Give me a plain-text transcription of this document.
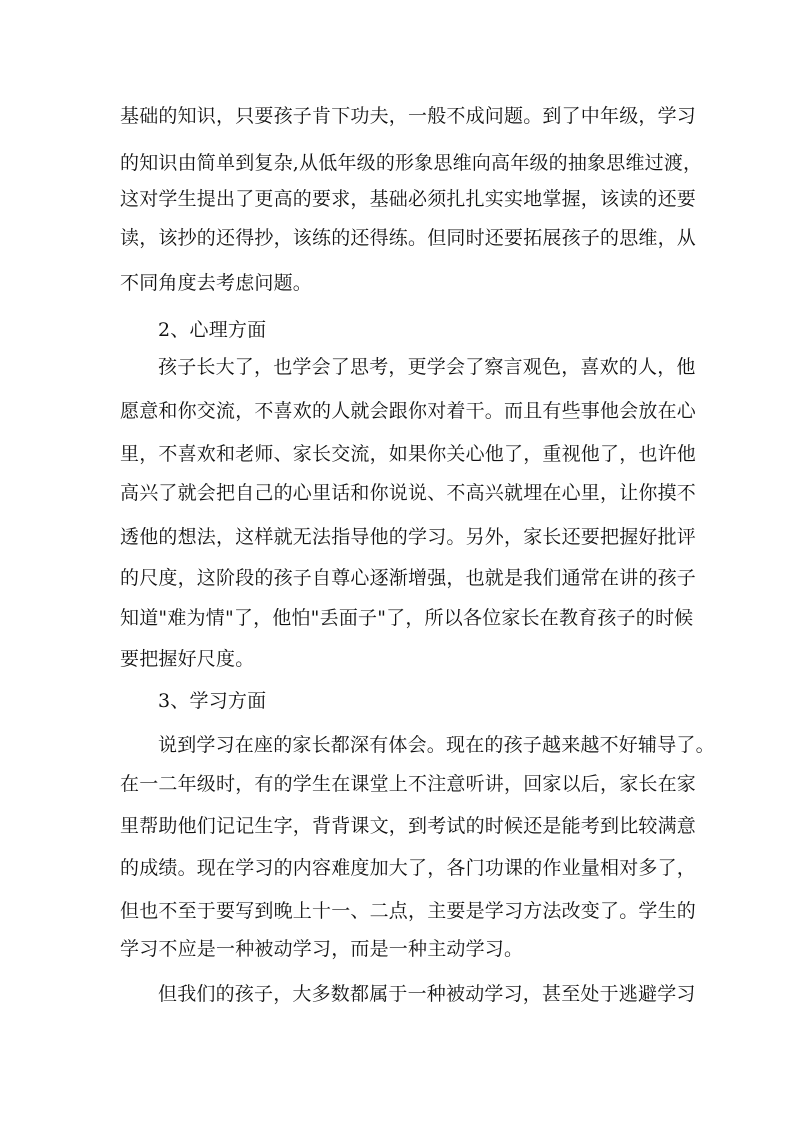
基础的知识，只要孩子肯下功夫，一般不成问题。到了中年级，学习
的知识由简单到复杂,从低年级的形象思维向高年级的抽象思维过渡，
这对学生提出了更高的要求，基础必须扎扎实实地掌握，该读的还要
读，该抄的还得抄，该练的还得练。但同时还要拓展孩子的思维，从
不同角度去考虑问题。
2、心理方面
孩子长大了，也学会了思考，更学会了察言观色，喜欢的人，他
愿意和你交流，不喜欢的人就会跟你对着干。而且有些事他会放在心
里，不喜欢和老师、家长交流，如果你关心他了，重视他了，也许他
高兴了就会把自己的心里话和你说说、不高兴就埋在心里，让你摸不
透他的想法，这样就无法指导他的学习。另外，家长还要把握好批评
的尺度，这阶段的孩子自尊心逐渐增强，也就是我们通常在讲的孩子
知道"难为情"了，他怕"丢面子"了，所以各位家长在教育孩子的时候
要把握好尺度。
3、学习方面
说到学习在座的家长都深有体会。现在的孩子越来越不好辅导了。
在一二年级时，有的学生在课堂上不注意听讲，回家以后，家长在家
里帮助他们记记生字，背背课文，到考试的时候还是能考到比较满意
的成绩。现在学习的内容难度加大了，各门功课的作业量相对多了，
但也不至于要写到晚上十一、二点，主要是学习方法改变了。学生的
学习不应是一种被动学习，而是一种主动学习。
但我们的孩子，大多数都属于一种被动学习，甚至处于逃避学习
